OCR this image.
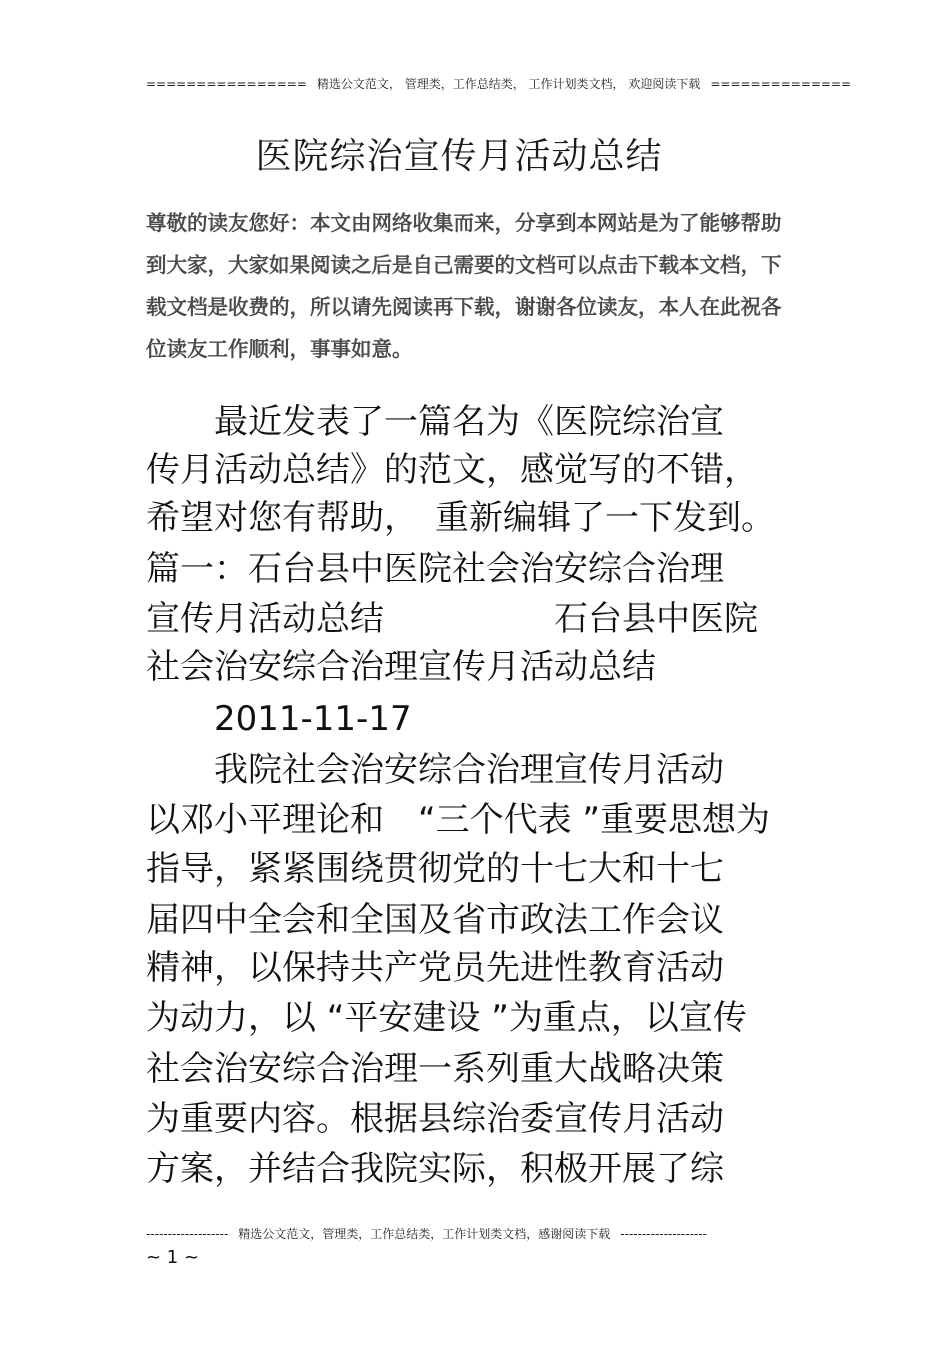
================ 精选公文范文， 管理类，工作总结类， 工作计划类文档， 欢迎阅读下载 ==============
医院综治宣传月活动总结
尊敬的读友您好：本文由网络收集而来，分享到本网站是为了能够帮助到大家，大家如果阅读之后是自己需要的文档可以点击下载本文档，下载文档是收费的，所以请先阅读再下载，谢谢各位读友，本人在此祝各位读友工作顺利，事事如意。
　　最近发表了一篇名为《医院综治宣
传月活动总结》的范文，感觉写的不错，
希望对您有帮助，　重新编辑了一下发到。
篇一：石台县中医院社会治安综合治理
宣传月活动总结　　　　　石台县中医院
社会治安综合治理宣传月活动总结
　　2011-11-17
　　我院社会治安综合治理宣传月活动
以邓小平理论和　“三个代表 ”重要思想为
指导，紧紧围绕贯彻党的十七大和十七
届四中全会和全国及省市政法工作会议
精神，以保持共产党员先进性教育活动
为动力，以 “平安建设 ”为重点，以宣传
社会治安综合治理一系列重大战略决策
为重要内容。根据县综治委宣传月活动
方案，并结合我院实际，积极开展了综
------------------- 精选公文范文，管理类，工作总结类，工作计划类文档，感谢阅读下载 --------------------
~ 1 ~
